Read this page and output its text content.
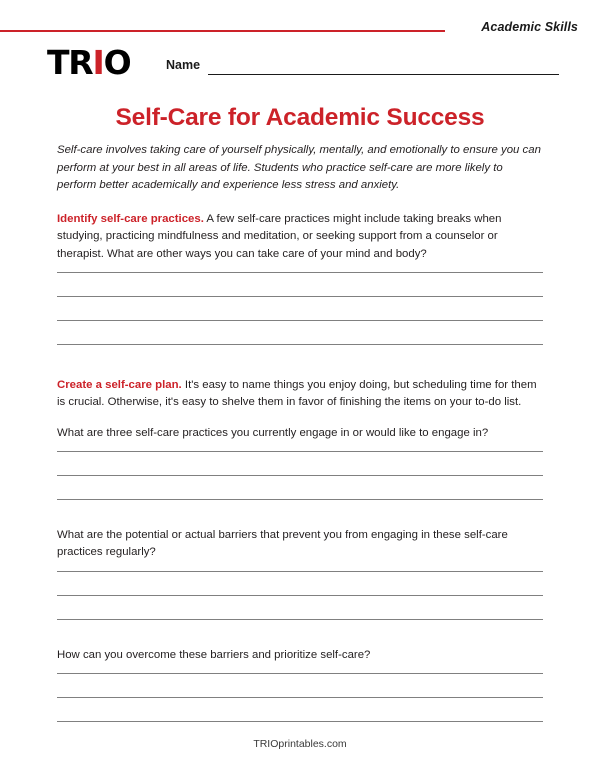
Academic Skills
TRIO	Name
Self-Care for Academic Success

Self-care involves taking care of yourself physically, mentally, and emotionally to ensure you can perform at your best in all areas of life. Students who practice self-care are more likely to perform better academically and experience less stress and anxiety.

Identify self-care practices. A few self-care practices might include taking breaks when studying, practicing mindfulness and meditation, or seeking support from a counselor or therapist. What are other ways you can take care of your mind and body?

Create a self-care plan. It's easy to name things you enjoy doing, but scheduling time for them is crucial. Otherwise, it's easy to shelve them in favor of finishing the items on your to-do list.

What are three self-care practices you currently engage in or would like to engage in?

What are the potential or actual barriers that prevent you from engaging in these self-care practices regularly?

How can you overcome these barriers and prioritize self-care?

TRIOprintables.com
